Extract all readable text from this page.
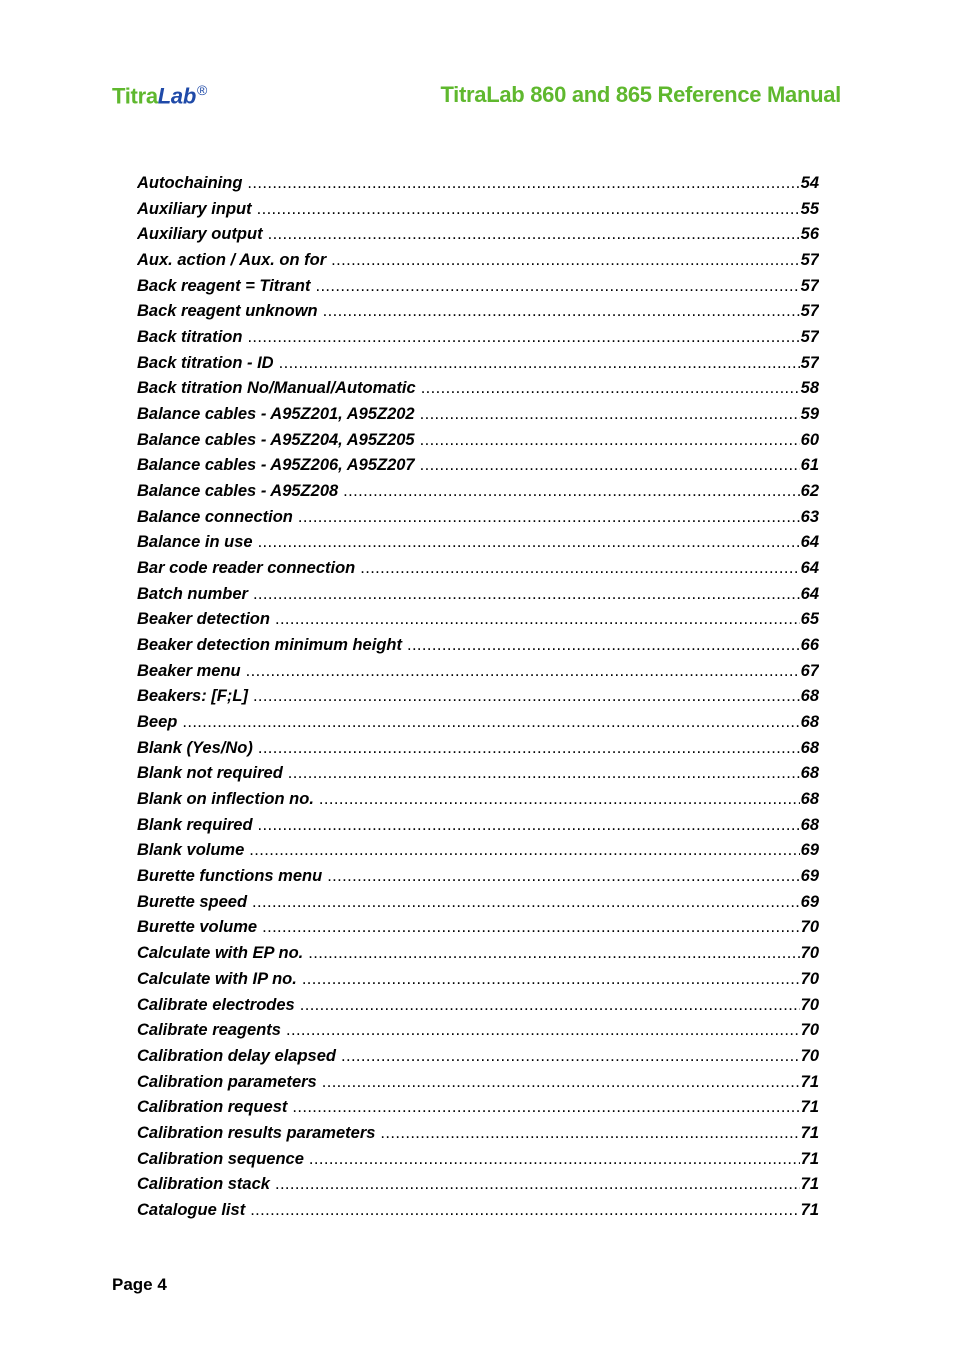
TitraLab®	TitraLab 860 and 865 Reference Manual
Autochaining .....	54
Auxiliary input .....	55
Auxiliary output .....	56
Aux. action / Aux. on for .....	57
Back reagent = Titrant .....	57
Back reagent unknown .....	57
Back titration .....	57
Back titration - ID .....	57
Back titration No/Manual/Automatic .....	58
Balance cables - A95Z201, A95Z202 .....	59
Balance cables - A95Z204, A95Z205 .....	60
Balance cables - A95Z206, A95Z207 .....	61
Balance cables - A95Z208 .....	62
Balance connection .....	63
Balance in use .....	64
Bar code reader connection .....	64
Batch number .....	64
Beaker detection .....	65
Beaker detection minimum height .....	66
Beaker menu .....	67
Beakers: [F;L] .....	68
Beep .....	68
Blank (Yes/No) .....	68
Blank not required .....	68
Blank on inflection no. .....	68
Blank required .....	68
Blank volume .....	69
Burette functions menu .....	69
Burette speed .....	69
Burette volume .....	70
Calculate with EP no. .....	70
Calculate with IP no. .....	70
Calibrate electrodes .....	70
Calibrate reagents .....	70
Calibration delay elapsed .....	70
Calibration parameters .....	71
Calibration request .....	71
Calibration results parameters .....	71
Calibration sequence .....	71
Calibration stack .....	71
Catalogue list .....	71
Page 4
